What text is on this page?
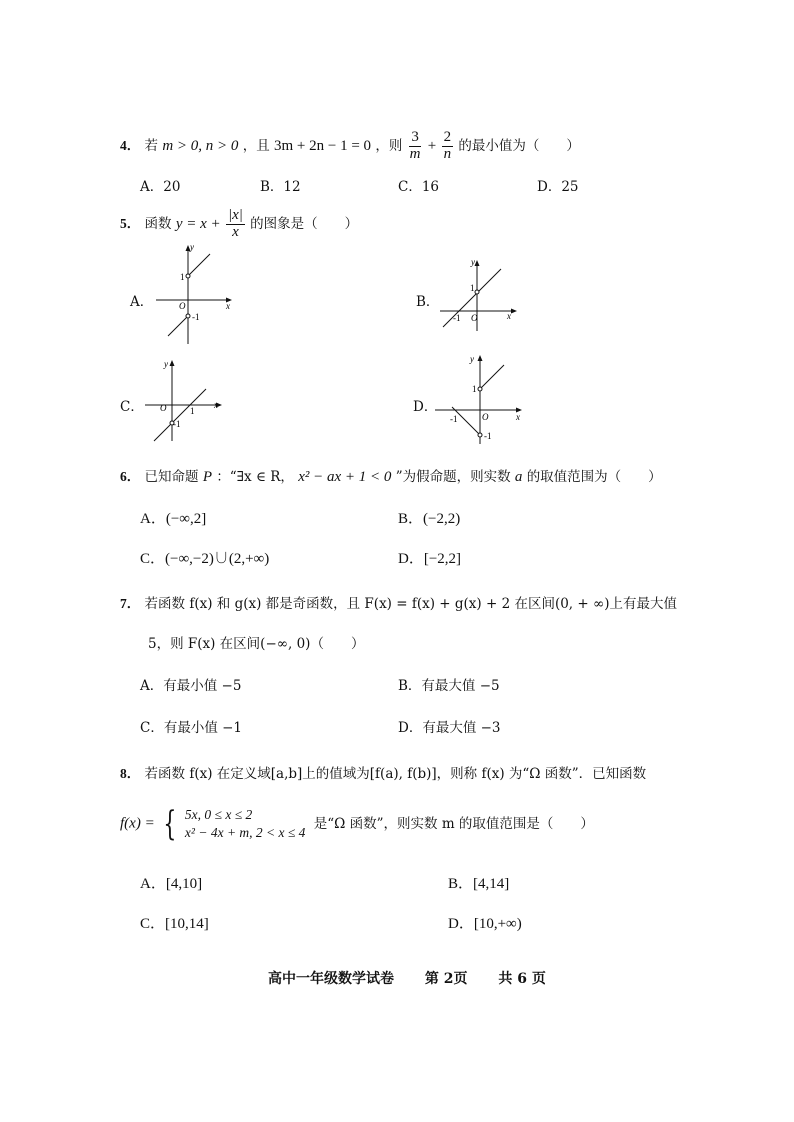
4． 若 m > 0, n > 0 ，且 3m + 2n − 1 = 0 ，则 $\frac{3}{m} + \frac{2}{n}$ 的最小值为（　　）
A．20	B．12	C．16	D．25
5． 函数 $y = x + \frac{|x|}{x}$ 的图象是（　　）
A．	B．
C．	D．
y
x
O
1
-1
y
x
O
1
-1
y
x
O	1
-1
y
x
O
1
-1
-1
6． 已知命题 P ：“∃x ∈ R， x² − ax + 1 < 0 ”为假命题，则实数 a 的取值范围为（　　）
A．(−∞,2]	B．(−2,2)
C．(−∞,−2)∪(2,+∞)	D．[−2,2]
7． 若函数 f(x) 和 g(x) 都是奇函数，且 F(x) = f(x) + g(x) + 2 在区间(0, + ∞)上有最大值
5，则 F(x) 在区间(−∞, 0)（　　）
A．有最小值 −5	B．有最大值 −5
C．有最小值 −1	D．有最大值 −3
8． 若函数 f(x) 在定义域[a,b]上的值域为[f(a), f(b)]，则称 f(x) 为“Ω 函数”．已知函数
f(x) = { 5x, 0 ≤ x ≤ 2
x² − 4x + m, 2 < x ≤ 4
是“Ω 函数”，则实数 m 的取值范围是（　　）
A．[4,10]	B．[4,14]
C．[10,14]	D．[10,+∞)
高中一年级数学试卷 第 2页 共 6 页
